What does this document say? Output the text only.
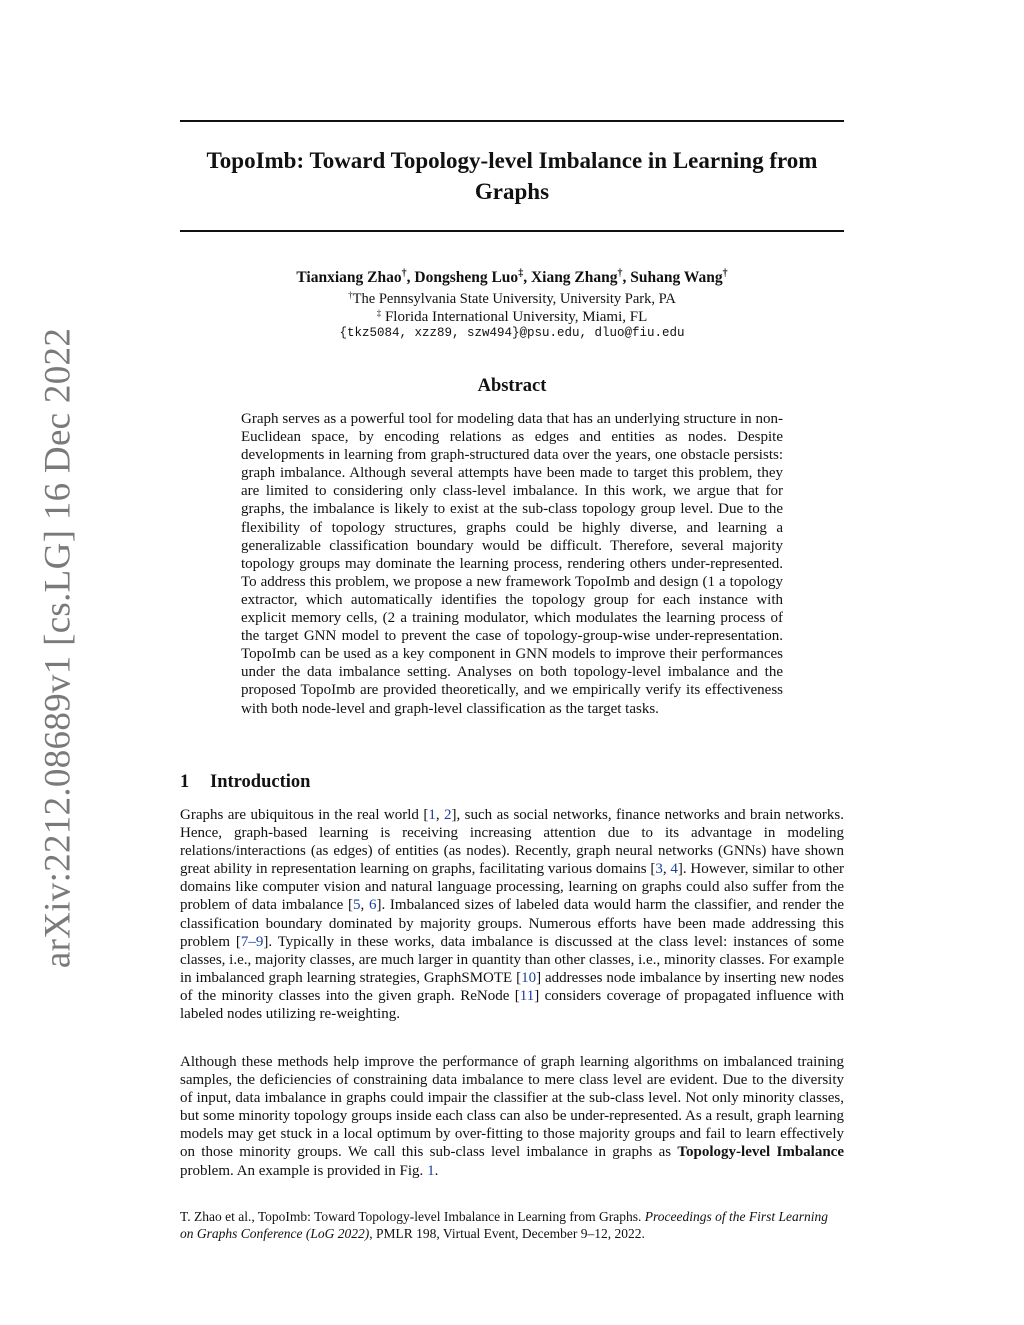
arXiv:2212.08689v1 [cs.LG] 16 Dec 2022
TopoImb: Toward Topology-level Imbalance in Learning from Graphs
Tianxiang Zhao†, Dongsheng Luo‡, Xiang Zhang†, Suhang Wang†
†The Pennsylvania State University, University Park, PA
‡ Florida International University, Miami, FL
{tkz5084, xzz89, szw494}@psu.edu, dluo@fiu.edu
Abstract
Graph serves as a powerful tool for modeling data that has an underlying structure in non-Euclidean space, by encoding relations as edges and entities as nodes. Despite developments in learning from graph-structured data over the years, one obstacle persists: graph imbalance. Although several attempts have been made to target this problem, they are limited to considering only class-level imbalance. In this work, we argue that for graphs, the imbalance is likely to exist at the sub-class topology group level. Due to the flexibility of topology structures, graphs could be highly diverse, and learning a generalizable classification boundary would be difficult. Therefore, several majority topology groups may dominate the learning process, rendering others under-represented. To address this problem, we propose a new framework TopoImb and design (1 a topology extractor, which automatically identifies the topology group for each instance with explicit memory cells, (2 a training modulator, which modulates the learning process of the target GNN model to prevent the case of topology-group-wise under-representation. TopoImb can be used as a key component in GNN models to improve their performances under the data imbalance setting. Analyses on both topology-level imbalance and the proposed TopoImb are provided theoretically, and we empirically verify its effectiveness with both node-level and graph-level classification as the target tasks.
1 Introduction
Graphs are ubiquitous in the real world [1, 2], such as social networks, finance networks and brain networks. Hence, graph-based learning is receiving increasing attention due to its advantage in modeling relations/interactions (as edges) of entities (as nodes). Recently, graph neural networks (GNNs) have shown great ability in representation learning on graphs, facilitating various domains [3, 4]. However, similar to other domains like computer vision and natural language processing, learning on graphs could also suffer from the problem of data imbalance [5, 6]. Imbalanced sizes of labeled data would harm the classifier, and render the classification boundary dominated by majority groups. Numerous efforts have been made addressing this problem [7–9]. Typically in these works, data imbalance is discussed at the class level: instances of some classes, i.e., majority classes, are much larger in quantity than other classes, i.e., minority classes. For example in imbalanced graph learning strategies, GraphSMOTE [10] addresses node imbalance by inserting new nodes of the minority classes into the given graph. ReNode [11] considers coverage of propagated influence with labeled nodes utilizing re-weighting.
Although these methods help improve the performance of graph learning algorithms on imbalanced training samples, the deficiencies of constraining data imbalance to mere class level are evident. Due to the diversity of input, data imbalance in graphs could impair the classifier at the sub-class level. Not only minority classes, but some minority topology groups inside each class can also be under-represented. As a result, graph learning models may get stuck in a local optimum by over-fitting to those majority groups and fail to learn effectively on those minority groups. We call this sub-class level imbalance in graphs as Topology-level Imbalance problem. An example is provided in Fig. 1.
T. Zhao et al., TopoImb: Toward Topology-level Imbalance in Learning from Graphs. Proceedings of the First Learning on Graphs Conference (LoG 2022), PMLR 198, Virtual Event, December 9–12, 2022.
